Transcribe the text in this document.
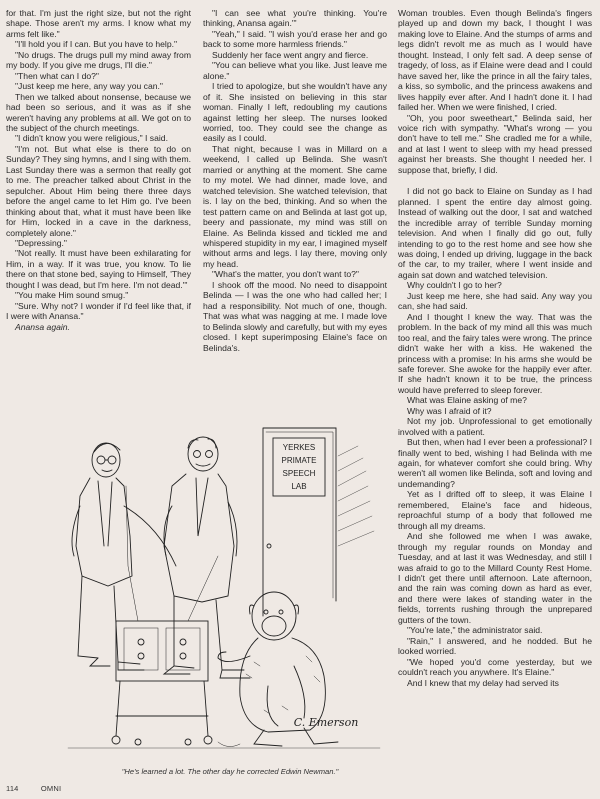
for that. I'm just the right size, but not the right shape. Those aren't my arms. I know what my arms felt like."

"I'll hold you if I can. But you have to help."

"No drugs. The drugs pull my mind away from my body. If you give me drugs, I'll die."

"Then what can I do?"

"Just keep me here, any way you can."

Then we talked about nonsense, because we had been so serious, and it was as if she weren't having any problems at all. We got on to the subject of the church meetings.

"I didn't know you were religious," I said.

"I'm not. But what else is there to do on Sunday? They sing hymns, and I sing with them. Last Sunday there was a sermon that really got to me. The preacher talked about Christ in the sepulcher. About Him being there three days before the angel came to let Him go. I've been thinking about that, what it must have been like for Him, locked in a cave in the darkness, completely alone."

"Depressing."

"Not really. It must have been exhilarating for Him, in a way. If it was true, you know. To lie there on that stone bed, saying to Himself, 'They thought I was dead, but I'm here. I'm not dead.'"

"You make Him sound smug."

"Sure. Why not? I wonder if I'd feel like that, if I were with Anansa."

Anansa again.

"I can see what you're thinking. You're thinking, Anansa again.'"

"Yeah," I said. "I wish you'd erase her and go back to some more harmless friends."

Suddenly her face went angry and fierce.

"You can believe what you like. Just leave me alone."

I tried to apologize, but she wouldn't have any of it. She insisted on believing in this star woman. Finally I left, redoubling my cautions against letting her sleep. The nurses looked worried, too. They could see the change as easily as I could.

That night, because I was in Millard on a weekend, I called up Belinda. She wasn't married or anything at the moment. She came to my motel. We had dinner, made love, and watched television. She watched television, that is. I lay on the bed, thinking. And so when the test pattern came on and Belinda at last got up, beery and passionate, my mind was still on Elaine. As Belinda kissed and tickled me and whispered stupidity in my ear, I imagined myself without arms and legs. I lay there, moving only my head.

"What's the matter, you don't want to?"

I shook off the mood. No need to disappoint Belinda — I was the one who had called her; I had a responsibility. Not much of one, though. That was what was nagging at me. I made love to Belinda slowly and carefully, but with my eyes closed. I kept superimposing Elaine's face on Belinda's.

Woman troubles. Even though Belinda's fingers played up and down my back, I thought I was making love to Elaine. And the stumps of arms and legs didn't revolt me as much as I would have thought. Instead, I only felt sad. A deep sense of tragedy, of loss, as if Elaine were dead and I could have saved her, like the prince in all the fairy tales, a kiss, so symbolic, and the princess awakens and lives happily ever after. And I hadn't done it. I had failed her. When we were finished, I cried.

"Oh, you poor sweetheart," Belinda said, her voice rich with sympathy. "What's wrong — you don't have to tell me." She cradled me for a while, and at last I went to sleep with my head pressed against her breasts. She thought I needed her. I suppose that, briefly, I did.

I did not go back to Elaine on Sunday as I had planned. I spent the entire day almost going. Instead of walking out the door, I sat and watched the incredible array of terrible Sunday morning television. And when I finally did go out, fully intending to go to the rest home and see how she was doing, I ended up driving, luggage in the back of the car, to my trailer, where I went inside and again sat down and watched television.

Why couldn't I go to her?

Just keep me here, she had said. Any way you can, she had said.

And I thought I knew the way. That was the problem. In the back of my mind all this was much too real, and the fairy tales were wrong. The prince didn't wake her with a kiss. He wakened the princess with a promise: In his arms she would be safe forever. She awoke for the happily ever after. If she hadn't known it to be true, the princess would have preferred to sleep forever.

What was Elaine asking of me?

Why was I afraid of it?

Not my job. Unprofessional to get emotionally involved with a patient.

But then, when had I ever been a professional? I finally went to bed, wishing I had Belinda with me again, for whatever comfort she could bring. Why weren't all women like Belinda, soft and loving and undemanding?

Yet as I drifted off to sleep, it was Elaine I remembered, Elaine's face and hideous, reproachful stump of a body that followed me through all my dreams.

And she followed me when I was awake, through my regular rounds on Monday and Tuesday, and at last it was Wednesday, and still I was afraid to go to the Millard County Rest Home. I didn't get there until afternoon. Late afternoon, and the rain was coming down as hard as ever, and there were lakes of standing water in the fields, torrents rushing through the unprepared gutters of the town.

"You're late," the administrator said.

"Rain," I answered, and he nodded. But he looked worried.

"We hoped you'd come yesterday, but we couldn't reach you anywhere. It's Elaine."

And I knew that my delay had served its

YERKES
PRIMATE
SPEECH
LAB
C. Emerson
"He's learned a lot. The other day he corrected Edwin Newman."
114	OMNI
